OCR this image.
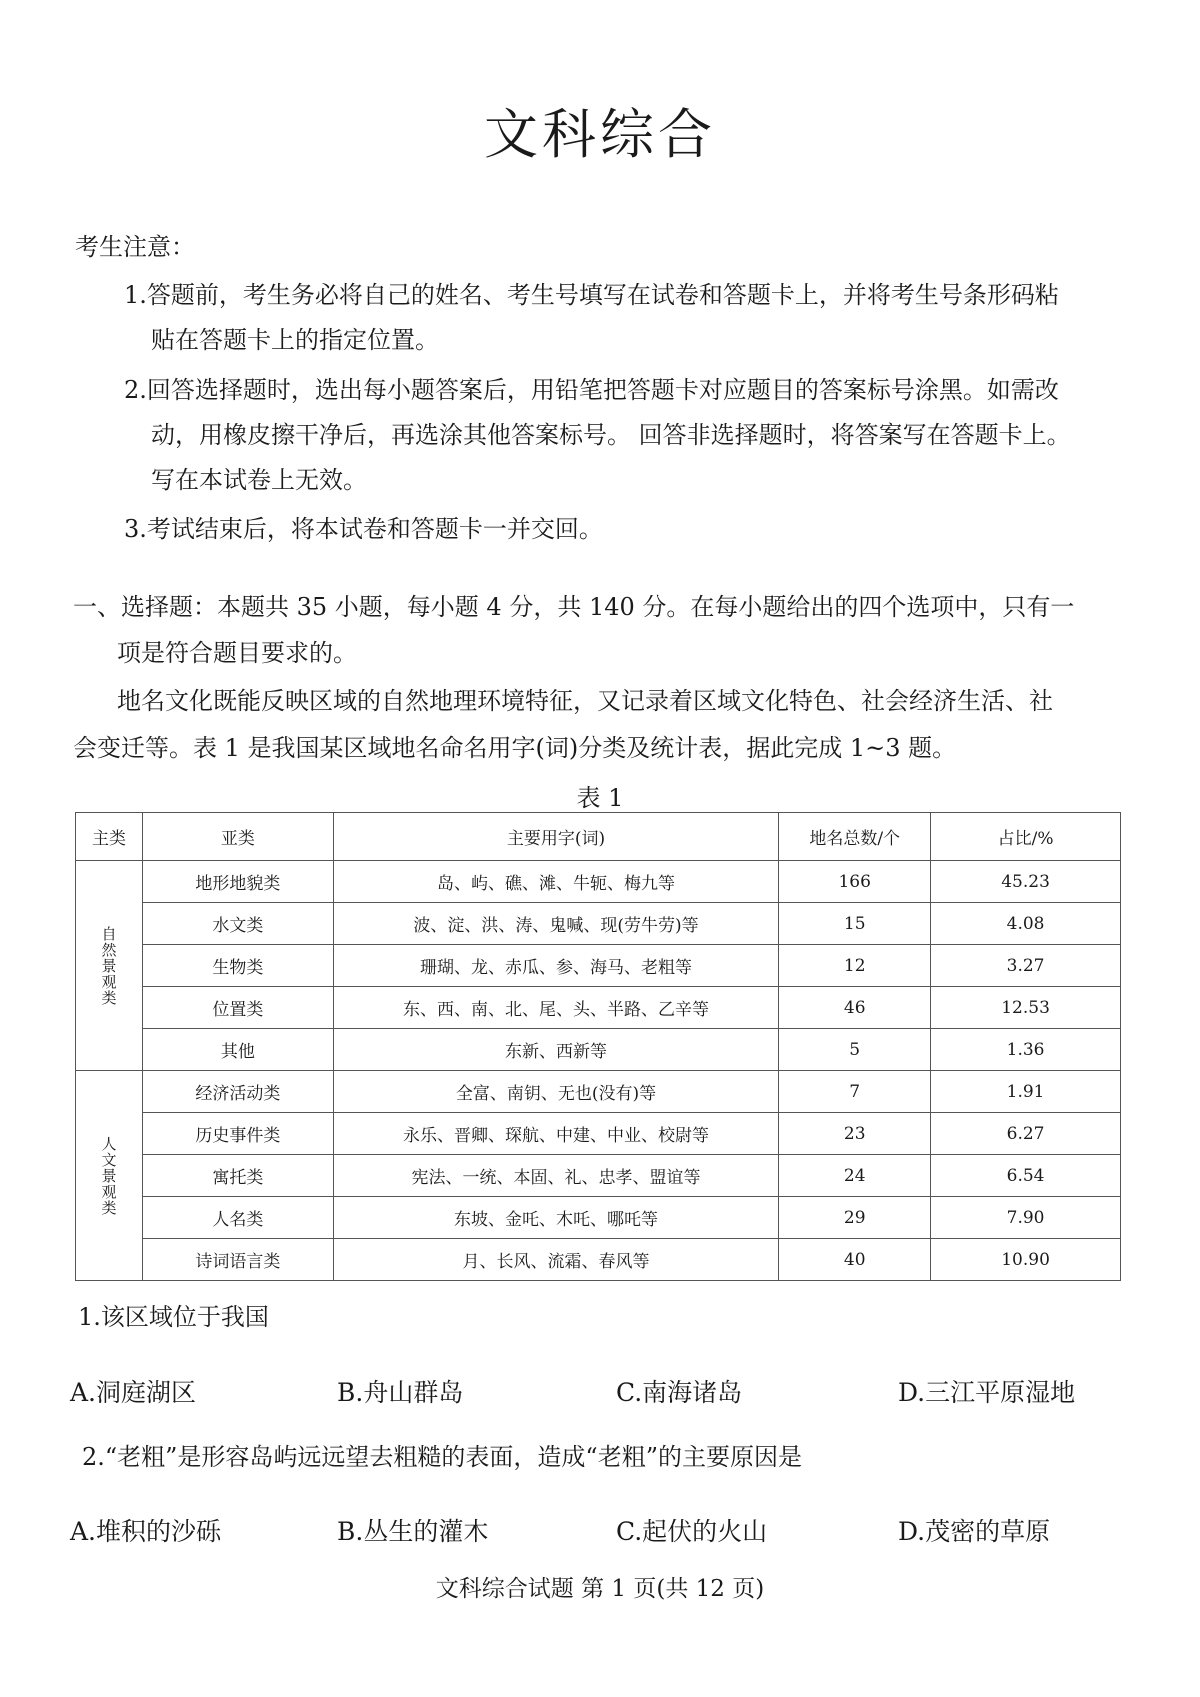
文科综合
考生注意：
1.答题前，考生务必将自己的姓名、考生号填写在试卷和答题卡上，并将考生号条形码粘
贴在答题卡上的指定位置。
2.回答选择题时，选出每小题答案后，用铅笔把答题卡对应题目的答案标号涂黑。如需改
动，用橡皮擦干净后，再选涂其他答案标号。 回答非选择题时，将答案写在答题卡上。
写在本试卷上无效。
3.考试结束后，将本试卷和答题卡一并交回。
一、选择题：本题共 35 小题，每小题 4 分，共 140 分。在每小题给出的四个选项中，只有一
项是符合题目要求的。
地名文化既能反映区域的自然地理环境特征，又记录着区域文化特色、社会经济生活、社
会变迁等。表 1 是我国某区域地名命名用字(词)分类及统计表，据此完成 1~3 题。
表 1
主类	亚类	主要用字(词)	地名总数/个	占比/%

自然景观类	地形地貌类	岛、屿、礁、滩、牛轭、梅九等	166	45.23
	水文类	波、淀、洪、涛、鬼喊、现(劳牛劳)等	15	4.08
	生物类	珊瑚、龙、赤瓜、参、海马、老粗等	12	3.27
	位置类	东、西、南、北、尾、头、半路、乙辛等	46	12.53
	其他	东新、西新等	5	1.36

人文景观类	经济活动类	全富、南钥、无也(没有)等	7	1.91
	历史事件类	永乐、晋卿、琛航、中建、中业、校尉等	23	6.27
	寓托类	宪法、一统、本固、礼、忠孝、盟谊等	24	6.54
	人名类	东坡、金吒、木吒、哪吒等	29	7.90
	诗词语言类	月、长风、流霜、春风等	40	10.90
1.该区域位于我国
A.洞庭湖区	B.舟山群岛	C.南海诸岛	D.三江平原湿地
2.“老粗”是形容岛屿远远望去粗糙的表面，造成“老粗”的主要原因是
A.堆积的沙砾	B.丛生的灌木	C.起伏的火山	D.茂密的草原
文科综合试题 第 1 页(共 12 页)
